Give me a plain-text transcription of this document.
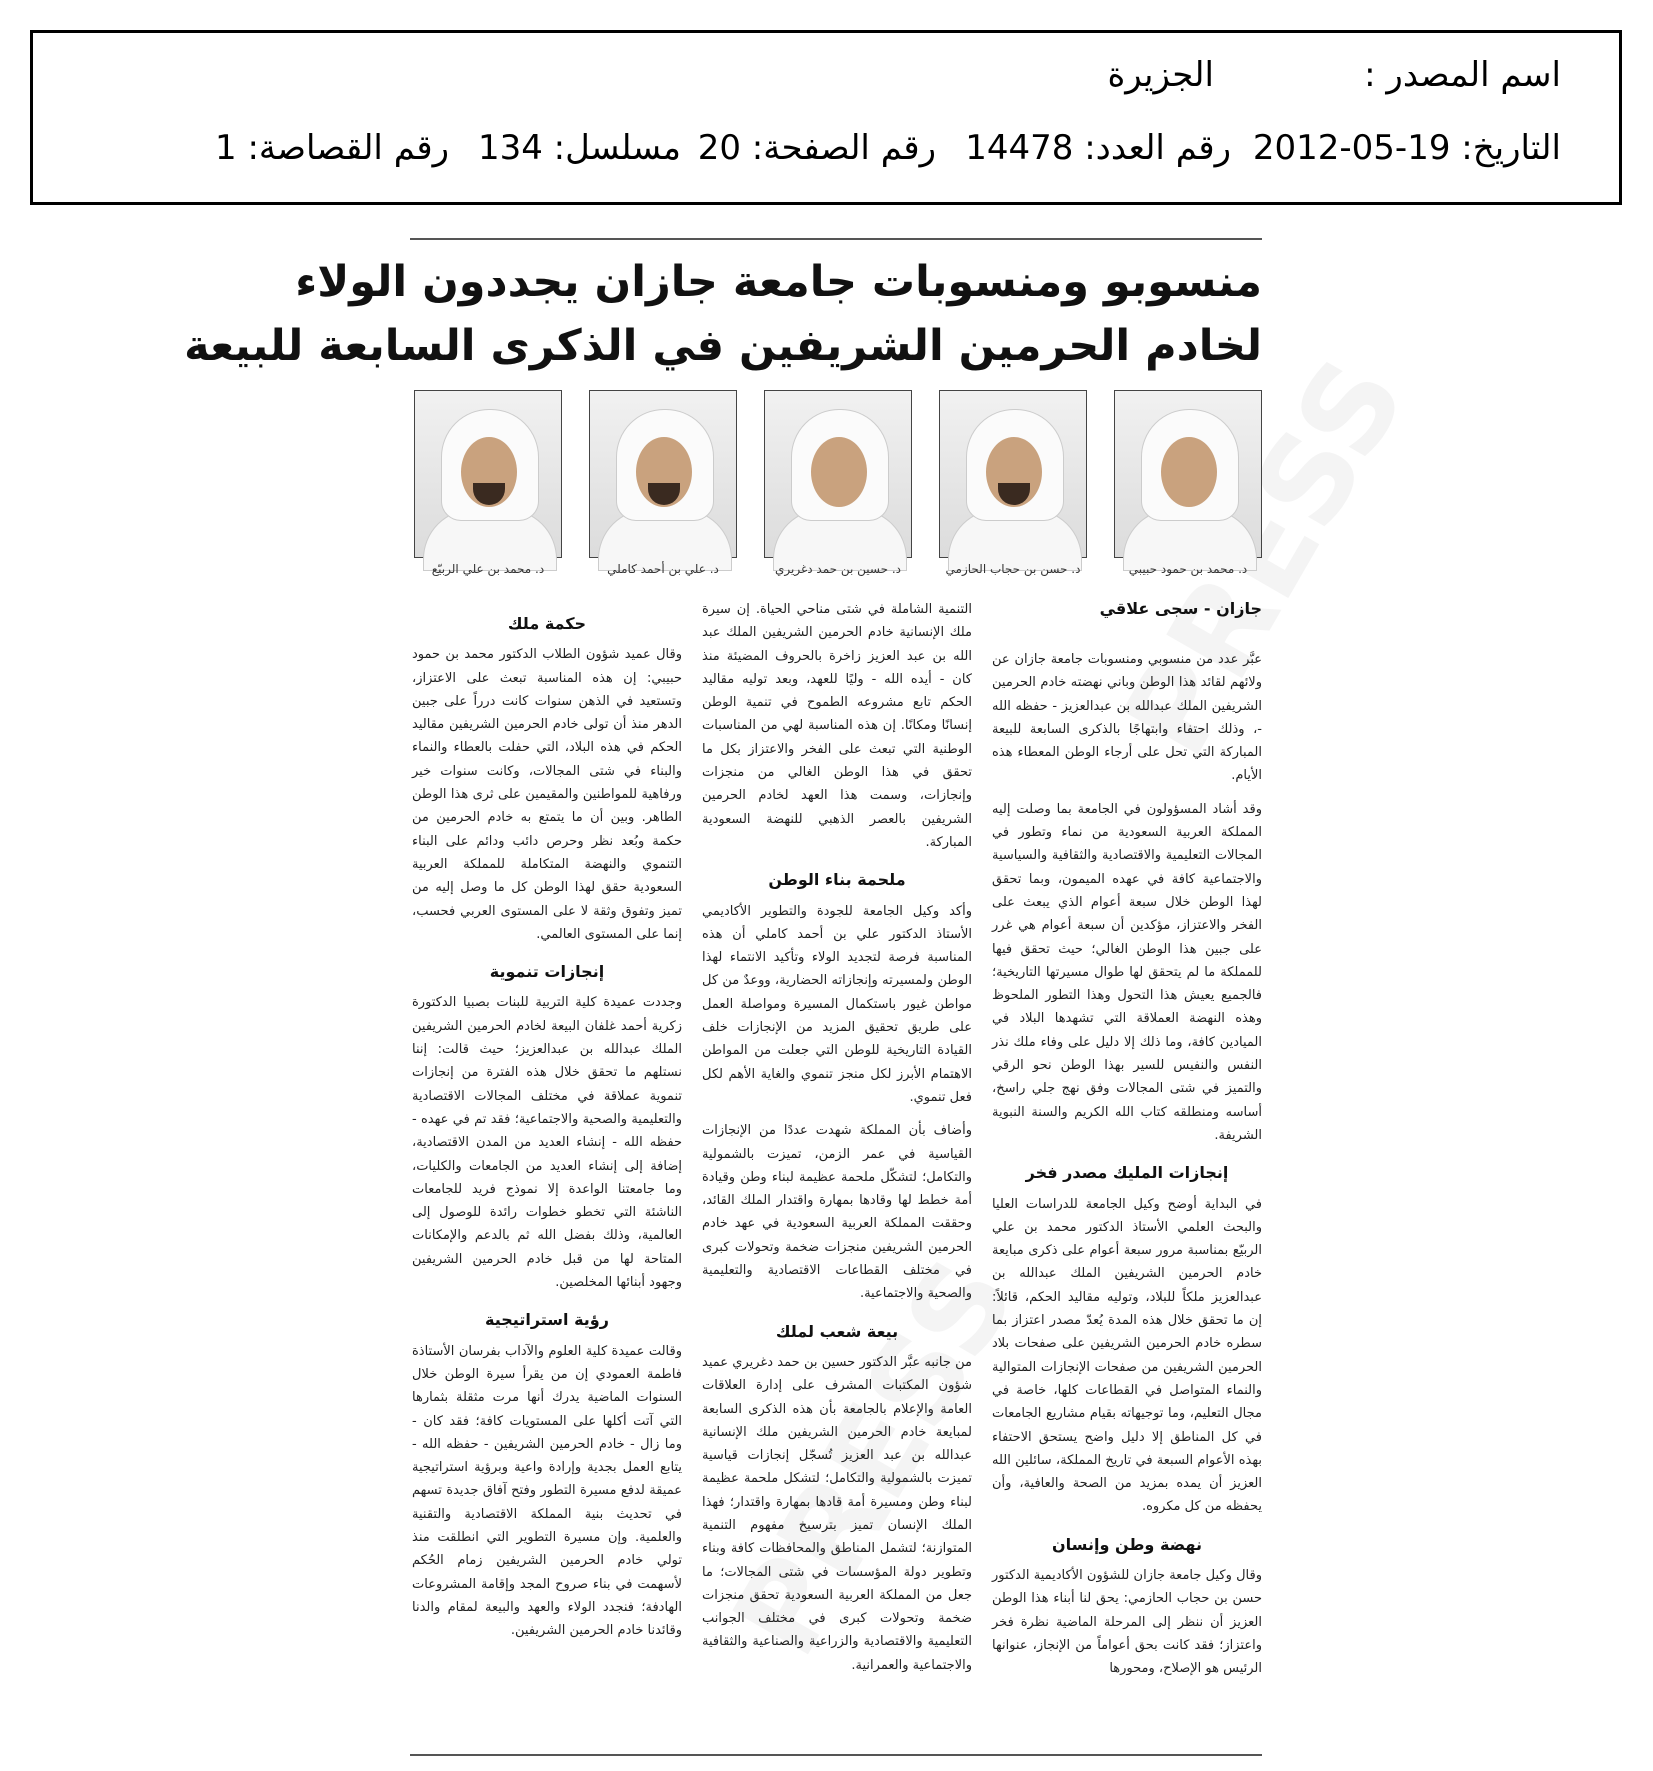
اسم المصدر :
الجزيرة
التاريخ: 19-05-2012
رقم العدد: 14478
رقم الصفحة: 20
مسلسل: 134
رقم القصاصة: 1
منسوبو ومنسوبات جامعة جازان يجددون الولاء
لخادم الحرمين الشريفين في الذكرى السابعة للبيعة
د. محمد بن حمود حبيبي
د. حسن بن حجاب الحازمي
د. حسين بن حمد دغريري
د. علي بن أحمد كاملي
د. محمد بن علي الربيّع
جازان - سجى علاقي

عبَّر عدد من منسوبي ومنسوبات جامعة جازان عن ولائهم لقائد هذا الوطن وباني نهضته خادم الحرمين الشريفين الملك عبدالله بن عبدالعزيز - حفظه الله -، وذلك احتفاء وابتهاجًا بالذكرى السابعة للبيعة المباركة التي تحل على أرجاء الوطن المعطاء هذه الأيام.

وقد أشاد المسؤولون في الجامعة بما وصلت إليه المملكة العربية السعودية من نماء وتطور في المجالات التعليمية والاقتصادية والثقافية والسياسية والاجتماعية كافة في عهده الميمون، وبما تحقق لهذا الوطن خلال سبعة أعوام الذي يبعث على الفخر والاعتزاز، مؤكدين أن سبعة أعوام هي غرر على جبين هذا الوطن الغالي؛ حيث تحقق فيها للمملكة ما لم يتحقق لها طوال مسيرتها التاريخية؛ فالجميع يعيش هذا التحول وهذا التطور الملحوظ وهذه النهضة العملاقة التي تشهدها البلاد في الميادين كافة، وما ذلك إلا دليل على وفاء ملك نذر النفس والنفيس للسير بهذا الوطن نحو الرقي والتميز في شتى المجالات وفق نهج جلي راسخ، أساسه ومنطلقه كتاب الله الكريم والسنة النبوية الشريفة.

إنجازات المليك مصدر فخر

في البداية أوضح وكيل الجامعة للدراسات العليا والبحث العلمي الأستاذ الدكتور محمد بن علي الربيّع بمناسبة مرور سبعة أعوام على ذكرى مبايعة خادم الحرمين الشريفين الملك عبدالله بن عبدالعزيز ملكاً للبلاد، وتوليه مقاليد الحكم، قائلاً: إن ما تحقق خلال هذه المدة يُعدّ مصدر اعتزاز بما سطره خادم الحرمين الشريفين على صفحات بلاد الحرمين الشريفين من صفحات الإنجازات المتوالية والنماء المتواصل في القطاعات كلها، خاصة في مجال التعليم، وما توجيهاته بقيام مشاريع الجامعات في كل المناطق إلا دليل واضح يستحق الاحتفاء بهذه الأعوام السبعة في تاريخ المملكة، سائلين الله العزيز أن يمده بمزيد من الصحة والعافية، وأن يحفظه من كل مكروه.

نهضة وطن وإنسان

وقال وكيل جامعة جازان للشؤون الأكاديمية الدكتور حسن بن حجاب الحازمي: يحق لنا أبناء هذا الوطن العزيز أن ننظر إلى المرحلة الماضية نظرة فخر واعتزاز؛ فقد كانت بحق أعواماً من الإنجاز، عنوانها الرئيس هو الإصلاح، ومحورها

التنمية الشاملة في شتى مناحي الحياة. إن سيرة ملك الإنسانية خادم الحرمين الشريفين الملك عبد الله بن عبد العزيز زاخرة بالحروف المضيئة منذ كان - أيده الله - وليًا للعهد، وبعد توليه مقاليد الحكم تابع مشروعه الطموح في تنمية الوطن إنسانًا ومكانًا. إن هذه المناسبة لهي من المناسبات الوطنية التي تبعث على الفخر والاعتزاز بكل ما تحقق في هذا الوطن الغالي من منجزات وإنجازات، وسمت هذا العهد لخادم الحرمين الشريفين بالعصر الذهبي للنهضة السعودية المباركة.

ملحمة بناء الوطن

وأكد وكيل الجامعة للجودة والتطوير الأكاديمي الأستاذ الدكتور علي بن أحمد كاملي أن هذه المناسبة فرصة لتجديد الولاء وتأكيد الانتماء لهذا الوطن ولمسيرته وإنجازاته الحضارية، ووعدٌ من كل مواطن غيور باستكمال المسيرة ومواصلة العمل على طريق تحقيق المزيد من الإنجازات خلف القيادة التاريخية للوطن التي جعلت من المواطن الاهتمام الأبرز لكل منجز تنموي والغاية الأهم لكل فعل تنموي.

وأضاف بأن المملكة شهدت عددًا من الإنجازات القياسية في عمر الزمن، تميزت بالشمولية والتكامل؛ لتشكّل ملحمة عظيمة لبناء وطن وقيادة أمة خطط لها وقادها بمهارة واقتدار الملك القائد، وحققت المملكة العربية السعودية في عهد خادم الحرمين الشريفين منجزات ضخمة وتحولات كبرى في مختلف القطاعات الاقتصادية والتعليمية والصحية والاجتماعية.

بيعة شعب لملك

من جانبه عبَّر الدكتور حسين بن حمد دغريري عميد شؤون المكتبات المشرف على إدارة العلاقات العامة والإعلام بالجامعة بأن هذه الذكرى السابعة لمبايعة خادم الحرمين الشريفين ملك الإنسانية عبدالله بن عبد العزيز تُسجّل إنجازات قياسية تميزت بالشمولية والتكامل؛ لتشكل ملحمة عظيمة لبناء وطن ومسيرة أمة قادها بمهارة واقتدار؛ فهذا الملك الإنسان تميز بترسيخ مفهوم التنمية المتوازنة؛ لتشمل المناطق والمحافظات كافة وبناء وتطوير دولة المؤسسات في شتى المجالات؛ ما جعل من المملكة العربية السعودية تحقق منجزات ضخمة وتحولات كبرى في مختلف الجوانب التعليمية والاقتصادية والزراعية والصناعية والثقافية والاجتماعية والعمرانية.

حكمة ملك

وقال عميد شؤون الطلاب الدكتور محمد بن حمود حبيبي: إن هذه المناسبة تبعث على الاعتزاز، وتستعيد في الذهن سنوات كانت درراً على جبين الدهر منذ أن تولى خادم الحرمين الشريفين مقاليد الحكم في هذه البلاد، التي حفلت بالعطاء والنماء والبناء في شتى المجالات، وكانت سنوات خير ورفاهية للمواطنين والمقيمين على ثرى هذا الوطن الطاهر. وبين أن ما يتمتع به خادم الحرمين من حكمة وبُعد نظر وحرص دائب ودائم على البناء التنموي والنهضة المتكاملة للمملكة العربية السعودية حقق لهذا الوطن كل ما وصل إليه من تميز وتفوق وثقة لا على المستوى العربي فحسب، إنما على المستوى العالمي.

إنجازات تنموية

وجددت عميدة كلية التربية للبنات بصبيا الدكتورة زكرية أحمد غلفان البيعة لخادم الحرمين الشريفين الملك عبدالله بن عبدالعزيز؛ حيث قالت: إننا نستلهم ما تحقق خلال هذه الفترة من إنجازات تنموية عملاقة في مختلف المجالات الاقتصادية والتعليمية والصحية والاجتماعية؛ فقد تم في عهده - حفظه الله - إنشاء العديد من المدن الاقتصادية، إضافة إلى إنشاء العديد من الجامعات والكليات، وما جامعتنا الواعدة إلا نموذج فريد للجامعات الناشئة التي تخطو خطوات رائدة للوصول إلى العالمية، وذلك بفضل الله ثم بالدعم والإمكانات المتاحة لها من قبل خادم الحرمين الشريفين وجهود أبنائها المخلصين.

رؤية استراتيجية

وقالت عميدة كلية العلوم والآداب بفرسان الأستاذة فاطمة العمودي إن من يقرأ سيرة الوطن خلال السنوات الماضية يدرك أنها مرت مثقلة بثمارها التي آتت أكلها على المستويات كافة؛ فقد كان - وما زال - خادم الحرمين الشريفين - حفظه الله - يتابع العمل بجدية وإرادة واعية وبرؤية استراتيجية عميقة لدفع مسيرة التطور وفتح آفاق جديدة تسهم في تحديث بنية المملكة الاقتصادية والتقنية والعلمية. وإن مسيرة التطوير التي انطلقت منذ تولي خادم الحرمين الشريفين زمام الحُكم لأسهمت في بناء صروح المجد وإقامة المشروعات الهادفة؛ فنجدد الولاء والعهد والبيعة لمقام والدنا وقائدنا خادم الحرمين الشريفين.
